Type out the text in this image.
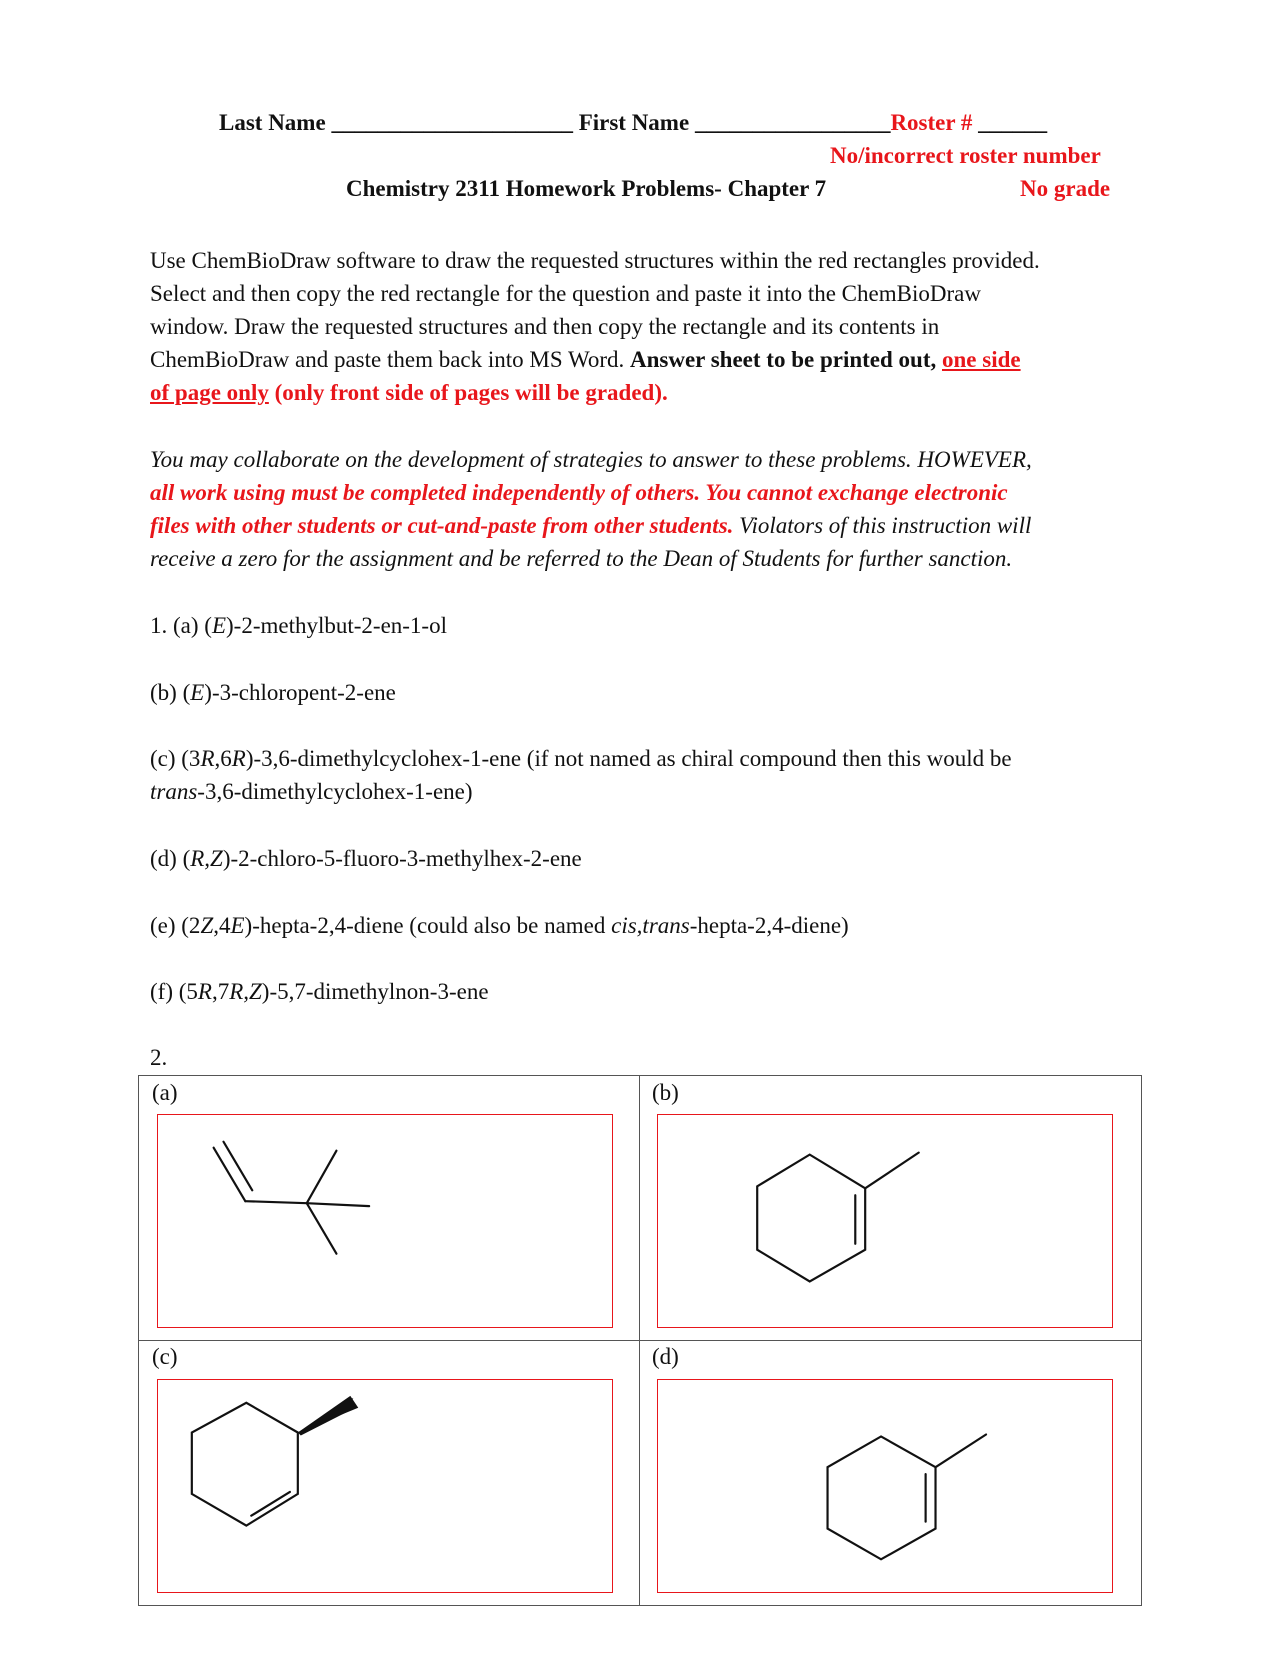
Last Name _____________________ First Name _________________Roster # ______
No/incorrect roster number
Chemistry 2311 Homework Problems- Chapter 7	No grade
Use ChemBioDraw software to draw the requested structures within the red rectangles provided.
Select and then copy the red rectangle for the question and paste it into the ChemBioDraw
window. Draw the requested structures and then copy the rectangle and its contents in
ChemBioDraw and paste them back into MS Word. Answer sheet to be printed out, one side
of page only (only front side of pages will be graded).
You may collaborate on the development of strategies to answer to these problems. HOWEVER,
all work using must be completed independently of others. You cannot exchange electronic
files with other students or cut-and-paste from other students. Violators of this instruction will
receive a zero for the assignment and be referred to the Dean of Students for further sanction.
1. (a) (E)-2-methylbut-2-en-1-ol
(b) (E)-3-chloropent-2-ene
(c) (3R,6R)-3,6-dimethylcyclohex-1-ene (if not named as chiral compound then this would be
trans-3,6-dimethylcyclohex-1-ene)
(d) (R,Z)-2-chloro-5-fluoro-3-methylhex-2-ene
(e) (2Z,4E)-hepta-2,4-diene (could also be named cis,trans-hepta-2,4-diene)
(f) (5R,7R,Z)-5,7-dimethylnon-3-ene
2.
(a)	(b)
(c)	(d)
